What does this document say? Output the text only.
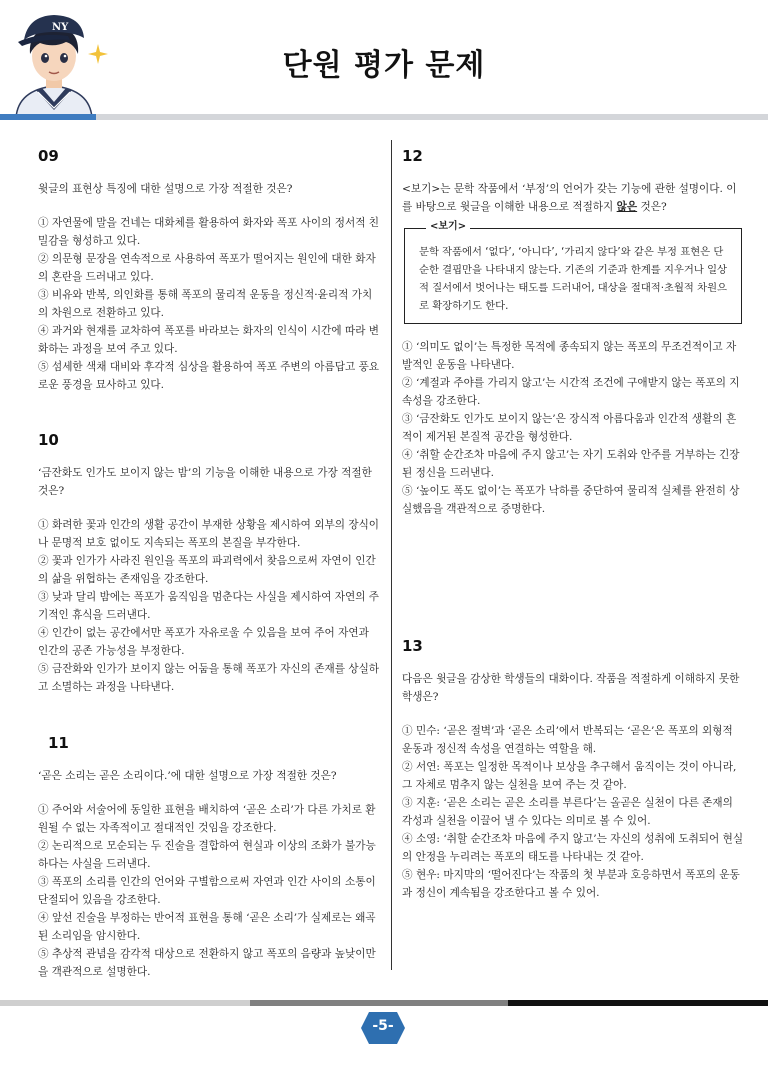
NY
단원 평가 문제
09
윗글의 표현상 특징에 대한 설명으로 가장 적절한 것은?

① 자연물에 말을 건네는 대화체를 활용하여 화자와 폭포 사이의 정서적 친밀감을 형성하고 있다.

② 의문형 문장을 연속적으로 사용하여 폭포가 떨어지는 원인에 대한 화자의 혼란을 드러내고 있다.

③ 비유와 반복, 의인화를 통해 폭포의 물리적 운동을 정신적·윤리적 가치의 차원으로 전환하고 있다.

④ 과거와 현재를 교차하여 폭포를 바라보는 화자의 인식이 시간에 따라 변화하는 과정을 보여 주고 있다.

⑤ 섬세한 색채 대비와 후각적 심상을 활용하여 폭포 주변의 아름답고 풍요로운 풍경을 묘사하고 있다.

10
‘금잔화도 인가도 보이지 않는 밤’의 기능을 이해한 내용으로 가장 적절한 것은?

① 화려한 꽃과 인간의 생활 공간이 부재한 상황을 제시하여 외부의 장식이나 문명적 보호 없이도 지속되는 폭포의 본질을 부각한다.

② 꽃과 인가가 사라진 원인을 폭포의 파괴력에서 찾음으로써 자연이 인간의 삶을 위협하는 존재임을 강조한다.

③ 낮과 달리 밤에는 폭포가 움직임을 멈춘다는 사실을 제시하여 자연의 주기적인 휴식을 드러낸다.

④ 인간이 없는 공간에서만 폭포가 자유로울 수 있음을 보여 주어 자연과 인간의 공존 가능성을 부정한다.

⑤ 금잔화와 인가가 보이지 않는 어둠을 통해 폭포가 자신의 존재를 상실하고 소멸하는 과정을 나타낸다.

11
‘곧은 소리는 곧은 소리이다.’에 대한 설명으로 가장 적절한 것은?

① 주어와 서술어에 동일한 표현을 배치하여 ‘곧은 소리’가 다른 가치로 환원될 수 없는 자족적이고 절대적인 것임을 강조한다.

② 논리적으로 모순되는 두 진술을 결합하여 현실과 이상의 조화가 불가능하다는 사실을 드러낸다.

③ 폭포의 소리를 인간의 언어와 구별함으로써 자연과 인간 사이의 소통이 단절되어 있음을 강조한다.

④ 앞선 진술을 부정하는 반어적 표현을 통해 ‘곧은 소리’가 실제로는 왜곡된 소리임을 암시한다.

⑤ 추상적 관념을 감각적 대상으로 전환하지 않고 폭포의 음량과 높낮이만을 객관적으로 설명한다.

12
<보기>는 문학 작품에서 ‘부정’의 언어가 갖는 기능에 관한 설명이다. 이를 바탕으로 윗글을 이해한 내용으로 적절하지 않은 것은?
문학 작품에서 ‘없다’, ‘아니다’, ‘가리지 않다’와 같은 부정 표현은 단순한 결핍만을 나타내지 않는다. 기존의 기준과 한계를 지우거나 일상적 질서에서 벗어나는 태도를 드러내어, 대상을 절대적·초월적 차원으로 확장하기도 한다.
<보기>

① ‘의미도 없이’는 특정한 목적에 종속되지 않는 폭포의 무조건적이고 자발적인 운동을 나타낸다.

② ‘계절과 주야를 가리지 않고’는 시간적 조건에 구애받지 않는 폭포의 지속성을 강조한다.

③ ‘금잔화도 인가도 보이지 않는’은 장식적 아름다움과 인간적 생활의 흔적이 제거된 본질적 공간을 형성한다.

④ ‘취할 순간조차 마음에 주지 않고’는 자기 도취와 안주를 거부하는 긴장된 정신을 드러낸다.

⑤ ‘높이도 폭도 없이’는 폭포가 낙하를 중단하여 물리적 실체를 완전히 상실했음을 객관적으로 증명한다.

13
다음은 윗글을 감상한 학생들의 대화이다. 작품을 적절하게 이해하지 못한 학생은?

① 민수: ‘곧은 절벽’과 ‘곧은 소리’에서 반복되는 ‘곧은’은 폭포의 외형적 운동과 정신적 속성을 연결하는 역할을 해.

② 서연: 폭포는 일정한 목적이나 보상을 추구해서 움직이는 것이 아니라, 그 자체로 멈추지 않는 실천을 보여 주는 것 같아.

③ 지훈: ‘곧은 소리는 곧은 소리를 부른다’는 올곧은 실천이 다른 존재의 각성과 실천을 이끌어 낼 수 있다는 의미로 볼 수 있어.

④ 소영: ‘취할 순간조차 마음에 주지 않고’는 자신의 성취에 도취되어 현실의 안정을 누리려는 폭포의 태도를 나타내는 것 같아.

⑤ 현우: 마지막의 ‘떨어진다’는 작품의 첫 부분과 호응하면서 폭포의 운동과 정신이 계속됨을 강조한다고 볼 수 있어.

-5-
